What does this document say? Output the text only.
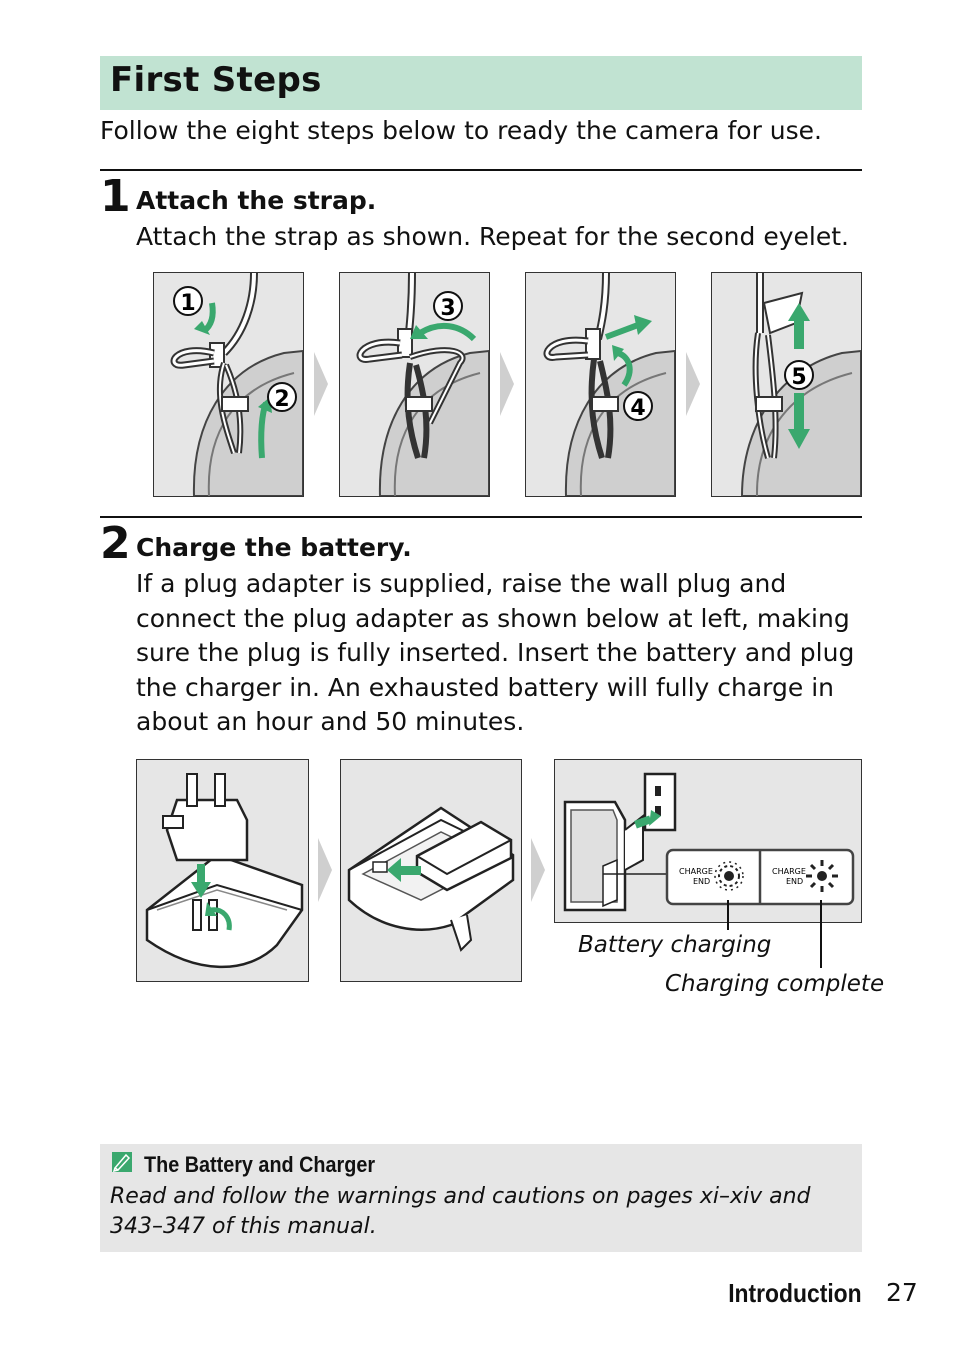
First Steps
Follow the eight steps below to ready the camera for use.
1 Attach the strap.
Attach the strap as shown. Repeat for the second eyelet.
1
2
3
4
5
2 Charge the battery.
If a plug adapter is supplied, raise the wall plug and connect the plug adapter as shown below at left, making sure the plug is fully inserted. Insert the battery and plug the charger in. An exhausted battery will fully charge in about an hour and 50 minutes.
CHARGE
END
CHARGE
END
Battery charging
Charging complete
The Battery and Charger
Read and follow the warnings and cautions on pages xi–xiv and 343–347 of this manual.
Introduction 27
